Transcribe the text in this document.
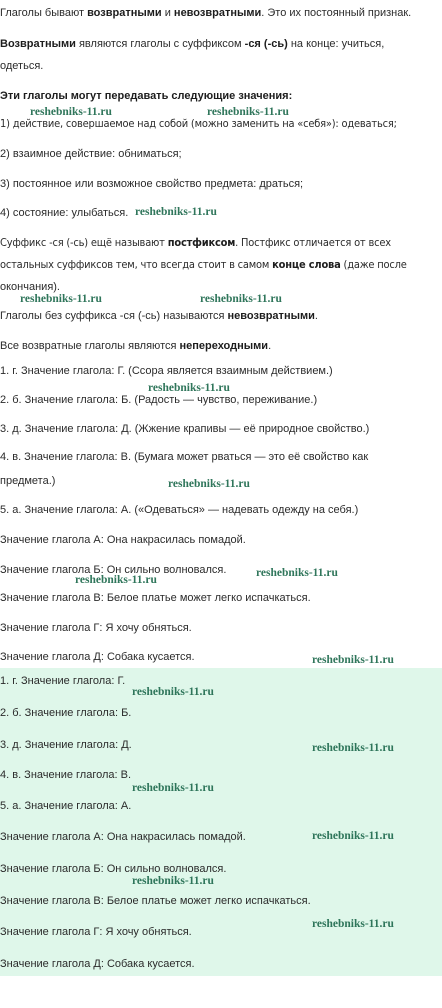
Глаголы бывают возвратными и невозвратными. Это их постоянный признак.
Возвратными являются глаголы с суффиксом -ся (-сь) на конце: учиться,
одеться.
Эти глаголы могут передавать следующие значения:
1) действие, совершаемое над собой (можно заменить на «себя»): одеваться;
2) взаимное действие: обниматься;
3) постоянное или возможное свойство предмета: драться;
4) состояние: улыбаться.
Суффикс -ся (-сь) ещё называют постфиксом. Постфикс отличается от всех
остальных суффиксов тем, что всегда стоит в самом конце слова (даже после
окончания).
Глаголы без суффикса -ся (-сь) называются невозвратными.
Все возвратные глаголы являются непереходными.
1. г. Значение глагола: Г. (Ссора является взаимным действием.)
2. б. Значение глагола: Б. (Радость — чувство, переживание.)
3. д. Значение глагола: Д. (Жжение крапивы — её природное свойство.)
4. в. Значение глагола: В. (Бумага может рваться — это её свойство как
предмета.)
5. а. Значение глагола: А. («Одеваться» — надевать одежду на себя.)
Значение глагола А: Она накрасилась помадой.
Значение глагола Б: Он сильно волновался.
Значение глагола В: Белое платье может легко испачкаться.
Значение глагола Г: Я хочу обняться.
Значение глагола Д: Собака кусается.
1. г. Значение глагола: Г.
2. б. Значение глагола: Б.
3. д. Значение глагола: Д.
4. в. Значение глагола: В.
5. а. Значение глагола: А.
Значение глагола А: Она накрасилась помадой.
Значение глагола Б: Он сильно волновался.
Значение глагола В: Белое платье может легко испачкаться.
Значение глагола Г: Я хочу обняться.
Значение глагола Д: Собака кусается.
reshebniks-11.ru	reshebniks-11.ru
reshebniks-11.ru
reshebniks-11.ru	reshebniks-11.ru
reshebniks-11.ru
reshebniks-11.ru
reshebniks-11.ru
reshebniks-11.ru
reshebniks-11.ru
reshebniks-11.ru
reshebniks-11.ru
reshebniks-11.ru
reshebniks-11.ru
reshebniks-11.ru
reshebniks-11.ru
